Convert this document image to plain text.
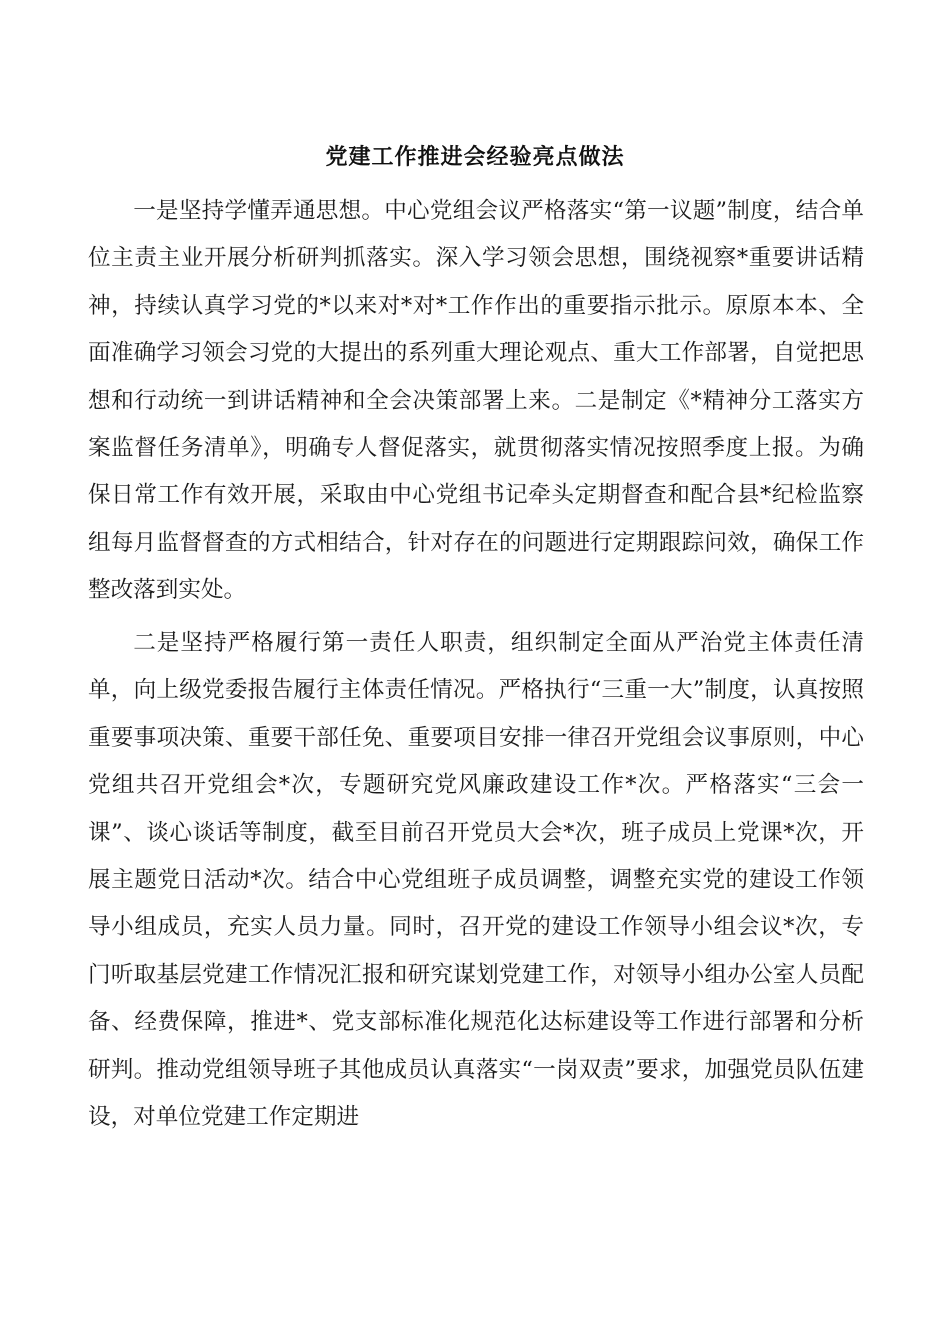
党建工作推进会经验亮点做法

一是坚持学懂弄通思想。中心党组会议严格落实“第一议题”制度，结合单位主责主业开展分析研判抓落实。深入学习领会思想，围绕视察*重要讲话精神，持续认真学习党的*以来对*对*工作作出的重要指示批示。原原本本、全面准确学习领会习党的大提出的系列重大理论观点、重大工作部署，自觉把思想和行动统一到讲话精神和全会决策部署上来。二是制定《*精神分工落实方案监督任务清单》，明确专人督促落实，就贯彻落实情况按照季度上报。为确保日常工作有效开展，采取由中心党组书记牵头定期督查和配合县*纪检监察组每月监督督查的方式相结合，针对存在的问题进行定期跟踪问效，确保工作整改落到实处。

二是坚持严格履行第一责任人职责，组织制定全面从严治党主体责任清单，向上级党委报告履行主体责任情况。严格执行“三重一大”制度，认真按照重要事项决策、重要干部任免、重要项目安排一律召开党组会议事原则，中心党组共召开党组会*次，专题研究党风廉政建设工作*次。严格落实“三会一课”、谈心谈话等制度，截至目前召开党员大会*次，班子成员上党课*次，开展主题党日活动*次。结合中心党组班子成员调整，调整充实党的建设工作领导小组成员，充实人员力量。同时，召开党的建设工作领导小组会议*次，专门听取基层党建工作情况汇报和研究谋划党建工作，对领导小组办公室人员配备、经费保障，推进*、党支部标准化规范化达标建设等工作进行部署和分析研判。推动党组领导班子其他成员认真落实“一岗双责”要求，加强党员队伍建设，对单位党建工作定期进
